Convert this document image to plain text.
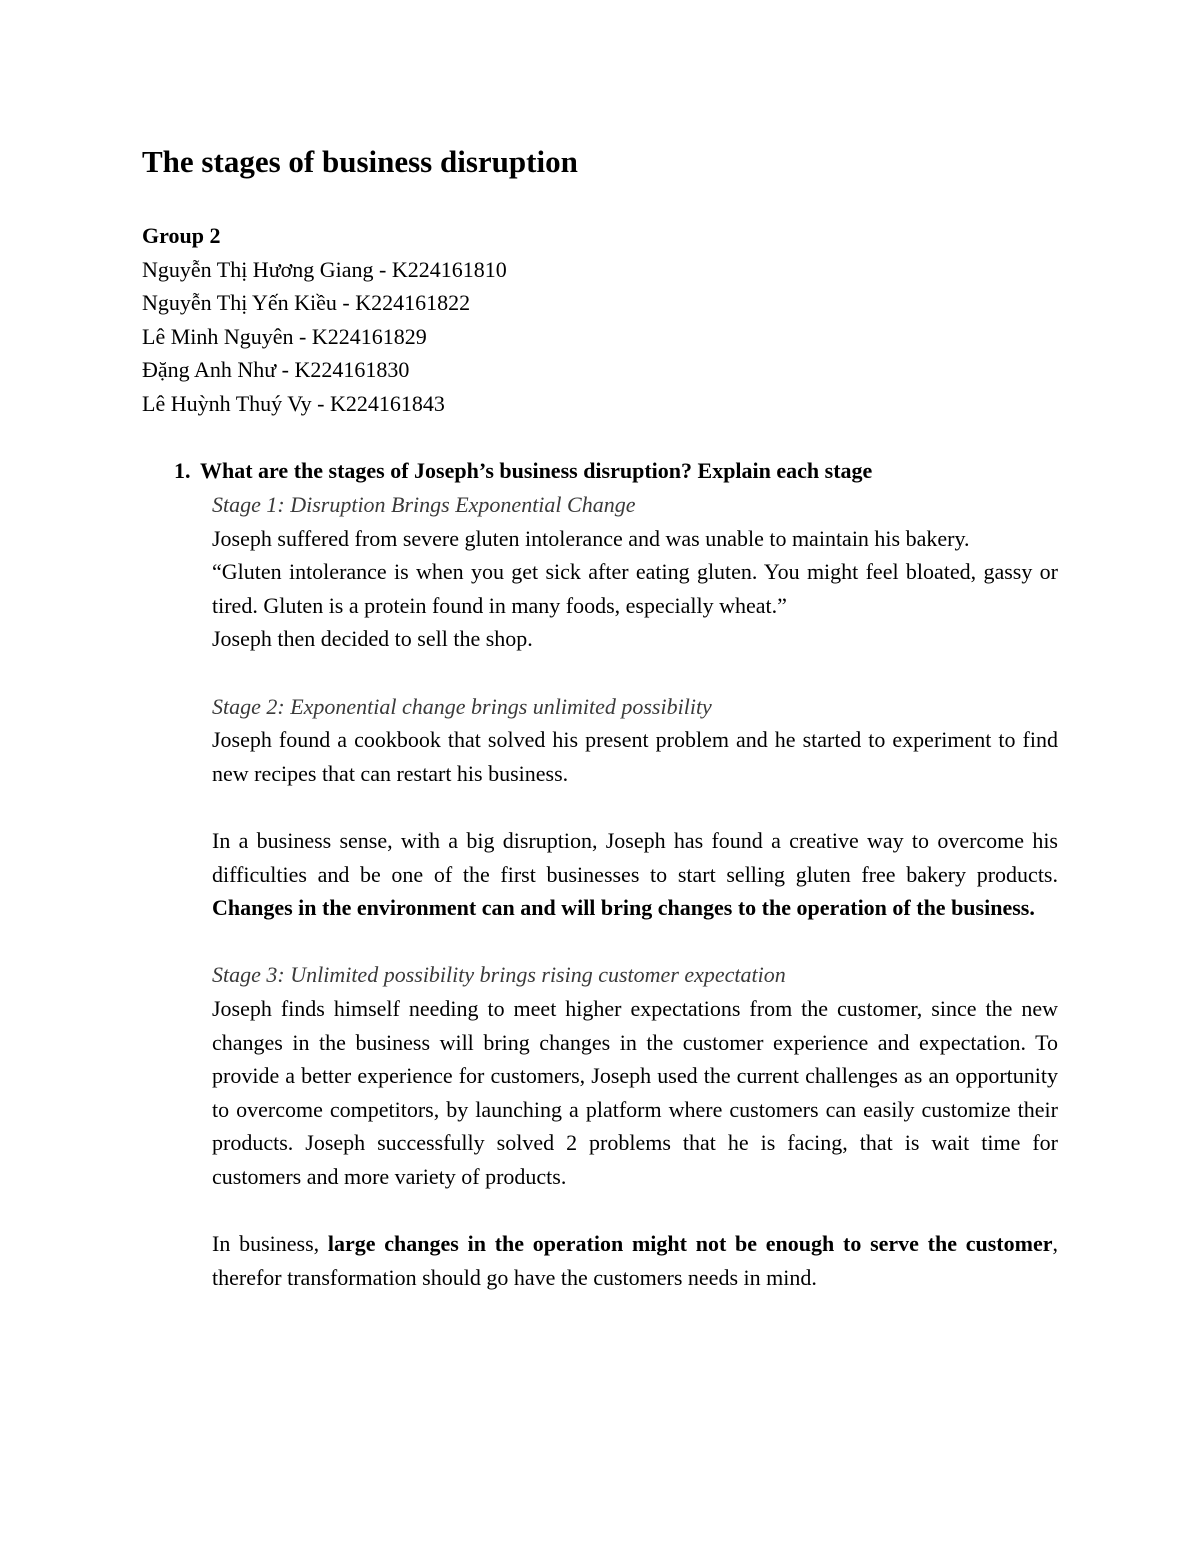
The stages of business disruption
Group 2
Nguyễn Thị Hương Giang - K224161810
Nguyễn Thị Yến Kiều - K224161822
Lê Minh Nguyên - K224161829
Đặng Anh Như - K224161830
Lê Huỳnh Thuý Vy - K224161843
1. What are the stages of Joseph’s business disruption? Explain each stage

Stage 1: Disruption Brings Exponential Change

Joseph suffered from severe gluten intolerance and was unable to maintain his bakery.

“Gluten intolerance is when you get sick after eating gluten. You might feel bloated, gassy or tired. Gluten is a protein found in many foods, especially wheat.”

Joseph then decided to sell the shop.

Stage 2: Exponential change brings unlimited possibility

Joseph found a cookbook that solved his present problem and he started to experiment to find new recipes that can restart his business.

In a business sense, with a big disruption, Joseph has found a creative way to overcome his difficulties and be one of the first businesses to start selling gluten free bakery products. Changes in the environment can and will bring changes to the operation of the business.

Stage 3: Unlimited possibility brings rising customer expectation

Joseph finds himself needing to meet higher expectations from the customer, since the new changes in the business will bring changes in the customer experience and expectation. To provide a better experience for customers, Joseph used the current challenges as an opportunity to overcome competitors, by launching a platform where customers can easily customize their products. Joseph successfully solved 2 problems that he is facing, that is wait time for customers and more variety of products.

In business, large changes in the operation might not be enough to serve the customer, therefor transformation should go have the customers needs in mind.
